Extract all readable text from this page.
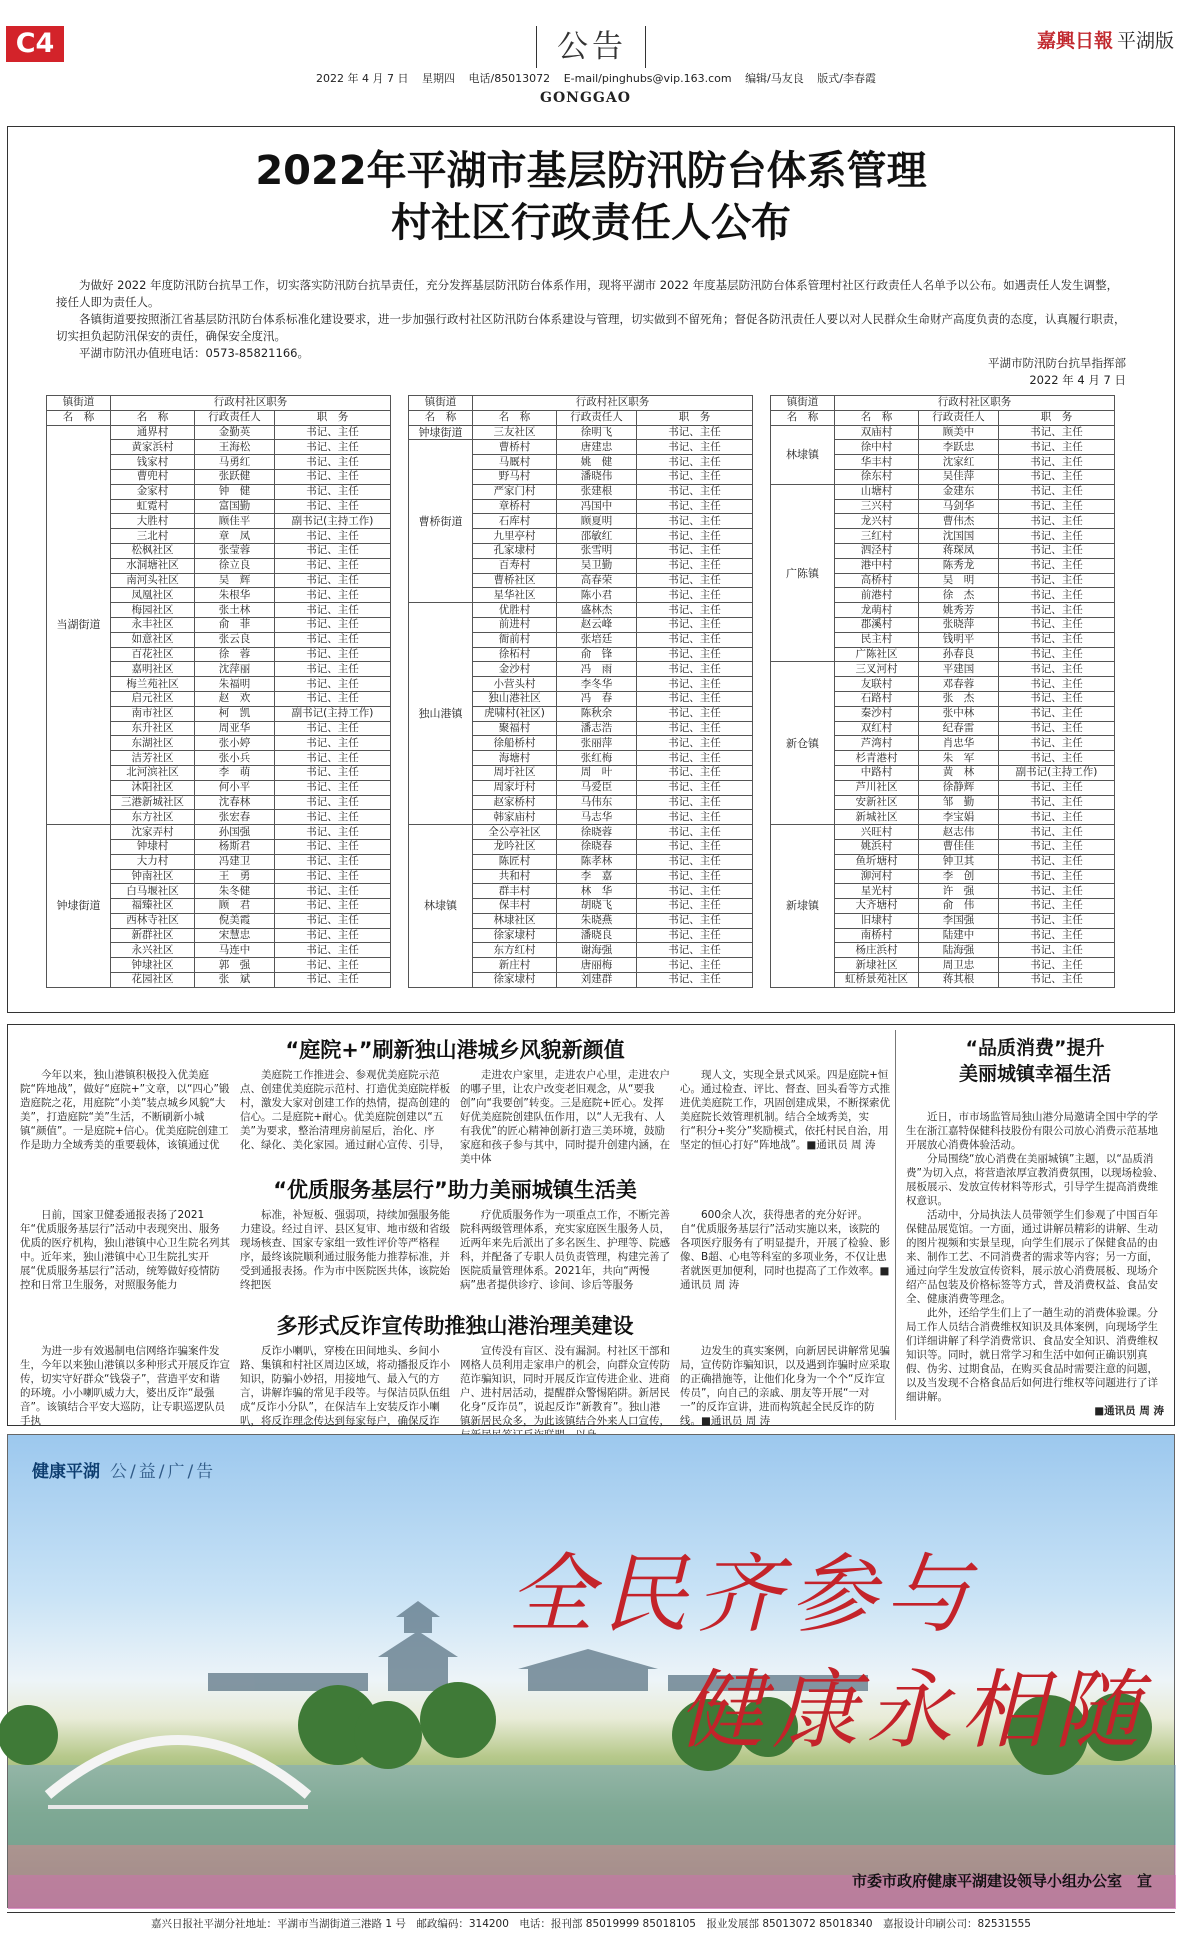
C4	公告
2022 年 4 月 7 日 星期四 电话/85013072 E-mail/pinghubs@vip.163.com 编辑/马友良 版式/李春霞
GONGGAO
嘉興日報 平湖版
2022年平湖市基层防汛防台体系管理
村社区行政责任人公布

为做好 2022 年度防汛防台抗旱工作，切实落实防汛防台抗旱责任，充分发挥基层防汛防台体系作用，现将平湖市 2022 年度基层防汛防台体系管理村社区行政责任人名单予以公布。如遇责任人发生调整，接任人即为责任人。

各镇街道要按照浙江省基层防汛防台体系标准化建设要求，进一步加强行政村社区防汛防台体系建设与管理，切实做到不留死角；督促各防汛责任人要以对人民群众生命财产高度负责的态度，认真履行职责，切实担负起防汛保安的责任，确保安全度汛。

平湖市防汛办值班电话：0573-85821166。

平湖市防汛防台抗旱指挥部
2022 年 4 月 7 日
镇街道	行政村社区职务		
名　称	名　称	行政责任人	职　务
当湖街道	通界村	金勤英	书记、主任
	黄家浜村	王海松	书记、主任
	钱家村	马勇红	书记、主任
	曹兜村	张跃健	书记、主任
	金家村	钟　健	书记、主任
	虹霓村	富国勤	书记、主任
	大胜村	顾佳平	副书记(主持工作)
	三北村	章　凤	书记、主任
	松枫社区	张莹蓉	书记、主任
	水洞塘社区	徐立良	书记、主任
	南河头社区	吴　辉	书记、主任
	凤凰社区	朱根华	书记、主任
	梅园社区	张土林	书记、主任
	永丰社区	俞　菲	书记、主任
	如意社区	张云良	书记、主任
	百花社区	徐　蓉	书记、主任
	嘉明社区	沈萍丽	书记、主任
	梅兰苑社区	朱福明	书记、主任
	启元社区	赵　欢	书记、主任
	南市社区	柯　凯	副书记(主持工作)
	东升社区	周亚华	书记、主任
	东湖社区	张小婷	书记、主任
	洁芳社区	张小兵	书记、主任
	北河滨社区	李　萌	书记、主任
	沐阳社区	何小平	书记、主任
	三港新城社区	沈春林	书记、主任
	东方社区	张宏春	书记、主任
钟埭街道	沈家弄村	孙国强	书记、主任
	钟埭村	杨斯君	书记、主任
	大力村	冯建卫	书记、主任
	钟南社区	王　勇	书记、主任
	白马堰社区	朱冬健	书记、主任
	福臻社区	顾　君	书记、主任
	西林寺社区	倪美霞	书记、主任
	新群社区	宋慧忠	书记、主任
	永兴社区	马连中	书记、主任
	钟埭社区	郭　强	书记、主任
	花园社区	张　斌	书记、主任
镇街道	行政村社区职务		
名　称	名　称	行政责任人	职　务
钟埭街道	三友社区	徐明飞	书记、主任
曹桥街道	曹桥村	唐建忠	书记、主任
	马厩村	姚　健	书记、主任
	野马村	潘晓伟	书记、主任
	严家门村	张建根	书记、主任
	章桥村	冯国中	书记、主任
	石库村	顾夏明	书记、主任
	九里亭村	邵敏红	书记、主任
	孔家埭村	张雪明	书记、主任
	百寿村	吴卫勤	书记、主任
	曹桥社区	高春荣	书记、主任
	星华社区	陈小君	书记、主任
独山港镇	优胜村	盛林杰	书记、主任
	前进村	赵云峰	书记、主任
	衙前村	张培廷	书记、主任
	徐柘村	俞　锋	书记、主任
	金沙村	冯　雨	书记、主任
	小营头村	李冬华	书记、主任
	独山港社区	冯　春	书记、主任
	虎啸村(社区)	陈秋余	书记、主任
	聚福村	潘志浩	书记、主任
	徐船桥村	张丽萍	书记、主任
	海塘村	张红梅	书记、主任
	周圩社区	周　叶	书记、主任
	周家圩村	马爱臣	书记、主任
	赵家桥村	马伟东	书记、主任
	韩家庙村	马志华	书记、主任
林埭镇	全公亭社区	徐晓蓉	书记、主任
	龙吟社区	徐晓春	书记、主任
	陈匠村	陈孝林	书记、主任
	共和村	李　嘉	书记、主任
	群丰村	林　华	书记、主任
	保丰村	胡晓飞	书记、主任
	林埭社区	朱晓燕	书记、主任
	徐家埭村	潘晓良	书记、主任
	东方红村	谢海强	书记、主任
	新庄村	唐丽梅	书记、主任
	徐家埭村	刘建群	书记、主任
镇街道	行政村社区职务		
名　称	名　称	行政责任人	职　务
林埭镇	双庙村	顾美中	书记、主任
	徐中村	李跃忠	书记、主任
	华丰村	沈家红	书记、主任
	徐东村	吴佳萍	书记、主任
广陈镇	山塘村	金建东	书记、主任
	三兴村	马剑华	书记、主任
	龙兴村	曹伟杰	书记、主任
	三红村	沈国国	书记、主任
	泗泾村	蒋琛凤	书记、主任
	港中村	陈秀龙	书记、主任
	高桥村	吴　明	书记、主任
	前港村	徐　杰	书记、主任
	龙萌村	姚秀芳	书记、主任
	郡溪村	张晓萍	书记、主任
	民主村	钱明平	书记、主任
	广陈社区	孙春良	书记、主任
新仓镇	三叉河村	平建国	书记、主任
	友联村	邓春蓉	书记、主任
	石路村	张　杰	书记、主任
	秦沙村	张中林	书记、主任
	双红村	纪春雷	书记、主任
	芦湾村	肖忠华	书记、主任
	杉青港村	朱　军	书记、主任
	中路村	黄　林	副书记(主持工作)
	芦川社区	徐静辉	书记、主任
	安新社区	邹　勤	书记、主任
	新城社区	李宝娟	书记、主任
新埭镇	兴旺村	赵志伟	书记、主任
	姚浜村	曹佳佳	书记、主任
	鱼圻塘村	钟卫其	书记、主任
	泖河村	李　创	书记、主任
	星光村	许　强	书记、主任
	大齐塘村	俞　伟	书记、主任
	旧埭村	李国强	书记、主任
	南桥村	陆建中	书记、主任
	杨庄浜村	陆海强	书记、主任
	新埭社区	周卫忠	书记、主任
	虹桥景苑社区	蒋其根	书记、主任
“庭院+”刷新独山港城乡风貌新颜值
今年以来，独山港镇积极投入优美庭院“阵地战”，做好“庭院+”文章，以“四心”锻造庭院之花，用庭院“小美”装点城乡风貌“大美”，打造庭院“美”生活，不断刷新小城镇“颜值”。一是庭院+信心。优美庭院创建工作是助力全域秀美的重要载体，该镇通过优
美庭院工作推进会、参观优美庭院示范点、创建优美庭院示范村、打造优美庭院样板村，激发大家对创建工作的热情，提高创建的信心。二是庭院+耐心。优美庭院创建以“五美”为要求，整治清理房前屋后，治化、序化、绿化、美化家园。通过耐心宣传、引导，
走进农户家里，走进农户心里，走进农户的哪子里，让农户改变老旧观念，从“要我创”向“我要创”转变。三是庭院+匠心。发挥好优美庭院创建队伍作用，以“人无我有、人有我优”的匠心精神创新打造三美环境，鼓励家庭和孩子参与其中，同时提升创建内涵，在美中体
现人文，实现全景式风采。四是庭院+恒心。通过检查、评比、督查、回头看等方式推进优美庭院工作，巩固创建成果，不断探索优美庭院长效管理机制。结合全域秀美，实行“积分+奖分”奖励模式，依托村民自治，用坚定的恒心打好“阵地战”。■通讯员 周 涛
“优质服务基层行”助力美丽城镇生活美
日前，国家卫健委通报表扬了2021年“优质服务基层行”活动中表现突出、服务优质的医疗机构，独山港镇中心卫生院名列其中。近年来，独山港镇中心卫生院扎实开展“优质服务基层行”活动，统筹做好疫情防控和日常卫生服务，对照服务能力
标准，补短板、强弱项，持续加强服务能力建设。经过自评、县区复审、地市级和省级现场核查、国家专家组一致性评价等严格程序，最终该院顺利通过服务能力推荐标准，并受到通报表扬。作为市中医院医共体，该院始终把医
疗优质服务作为一项重点工作，不断完善院科两级管理体系，充实家庭医生服务人员，近两年来先后派出了多名医生、护理等、院感科，并配备了专职人员负责管理，构建完善了医院质量管理体系。2021年，共向“两慢病”患者提供诊疗、诊间、诊后等服务
600余人次，获得患者的充分好评。自“优质服务基层行”活动实施以来，该院的各项医疗服务有了明显提升，开展了检验、影像、B超、心电等科室的多项业务，不仅让患者就医更加便利，同时也提高了工作效率。■通讯员 周 涛
多形式反诈宣传助推独山港治理美建设
为进一步有效遏制电信网络诈骗案件发生，今年以来独山港镇以多种形式开展反诈宣传，切实守好群众“钱袋子”，营造平安和谐的环境。小小喇叭威力大，婆出反诈“最强音”。该镇结合平安大巡防，让专职巡逻队员手执
反诈小喇叭，穿梭在田间地头、乡间小路、集镇和村社区周边区域，将动播报反诈小知识，防骗小妙招，用接地气、最入气的方言，讲解诈骗的常见手段等。与保洁员队伍组成“反诈小分队”，在保洁车上安装反诈小喇叭，将反诈理念传达到每家每户，确保反诈
宣传没有盲区、没有漏洞。村社区干部和网格人员利用走家串户的机会，向群众宣传防范诈骗知识，同时开展反诈宣传进企业、进商户、进村居活动，提醒群众警惕陷阱。新居民化身“反诈员”，说起反诈“新教育”。独山港镇新居民众多，为此该镇结合外来人口宣传，
边发生的真实案例，向新居民讲解常见骗局，宣传防诈骗知识，以及遇到诈骗时应采取的正确措施等，让他们化身为一个个“反诈宣传员”，向自己的亲戚、朋友等开展“一对一”的反诈宣讲，进而构筑起全民反诈的防线。■通讯员 周 涛
“品质消费”提升
美丽城镇幸福生活

近日，市市场监管局独山港分局邀请全国中学的学生在浙江嘉特保健科技股份有限公司放心消费示范基地开展放心消费体验活动。

分局围绕“放心消费在美丽城镇”主题，以“品质消费”为切入点，将营造浓厚宣教消费氛围，以现场检验、展板展示、发放宣传材料等形式，引导学生提高消费维权意识。

活动中，分局执法人员带领学生们参观了中国百年保健品展览馆。一方面，通过讲解员精彩的讲解、生动的图片视频和实景呈现，向学生们展示了保健食品的由来、制作工艺、不同消费者的需求等内容；另一方面，通过向学生发放宣传资料，展示放心消费展板、现场介绍产品包装及价格标签等方式，普及消费权益、食品安全、健康消费等理念。

此外，还给学生们上了一趟生动的消费体验课。分局工作人员结合消费维权知识及具体案例，向现场学生们详细讲解了科学消费常识、食品安全知识、消费维权知识等。同时，就日常学习和生活中如何正确识别真假、伪劣、过期食品，在购买食品时需要注意的问题，以及当发现不合格食品后如何进行维权等问题进行了详细讲解。

■通讯员 周 涛
健康平湖 公/益/广/告
全民齐参与
健康永相随
市委市政府健康平湖建设领导小组办公室　宣
嘉兴日报社平湖分社地址：平湖市当湖街道三港路 1 号　邮政编码：314200　电话：报刊部 85019999 85018105　报业发展部 85013072 85018340　嘉报设计印刷公司：82531555
